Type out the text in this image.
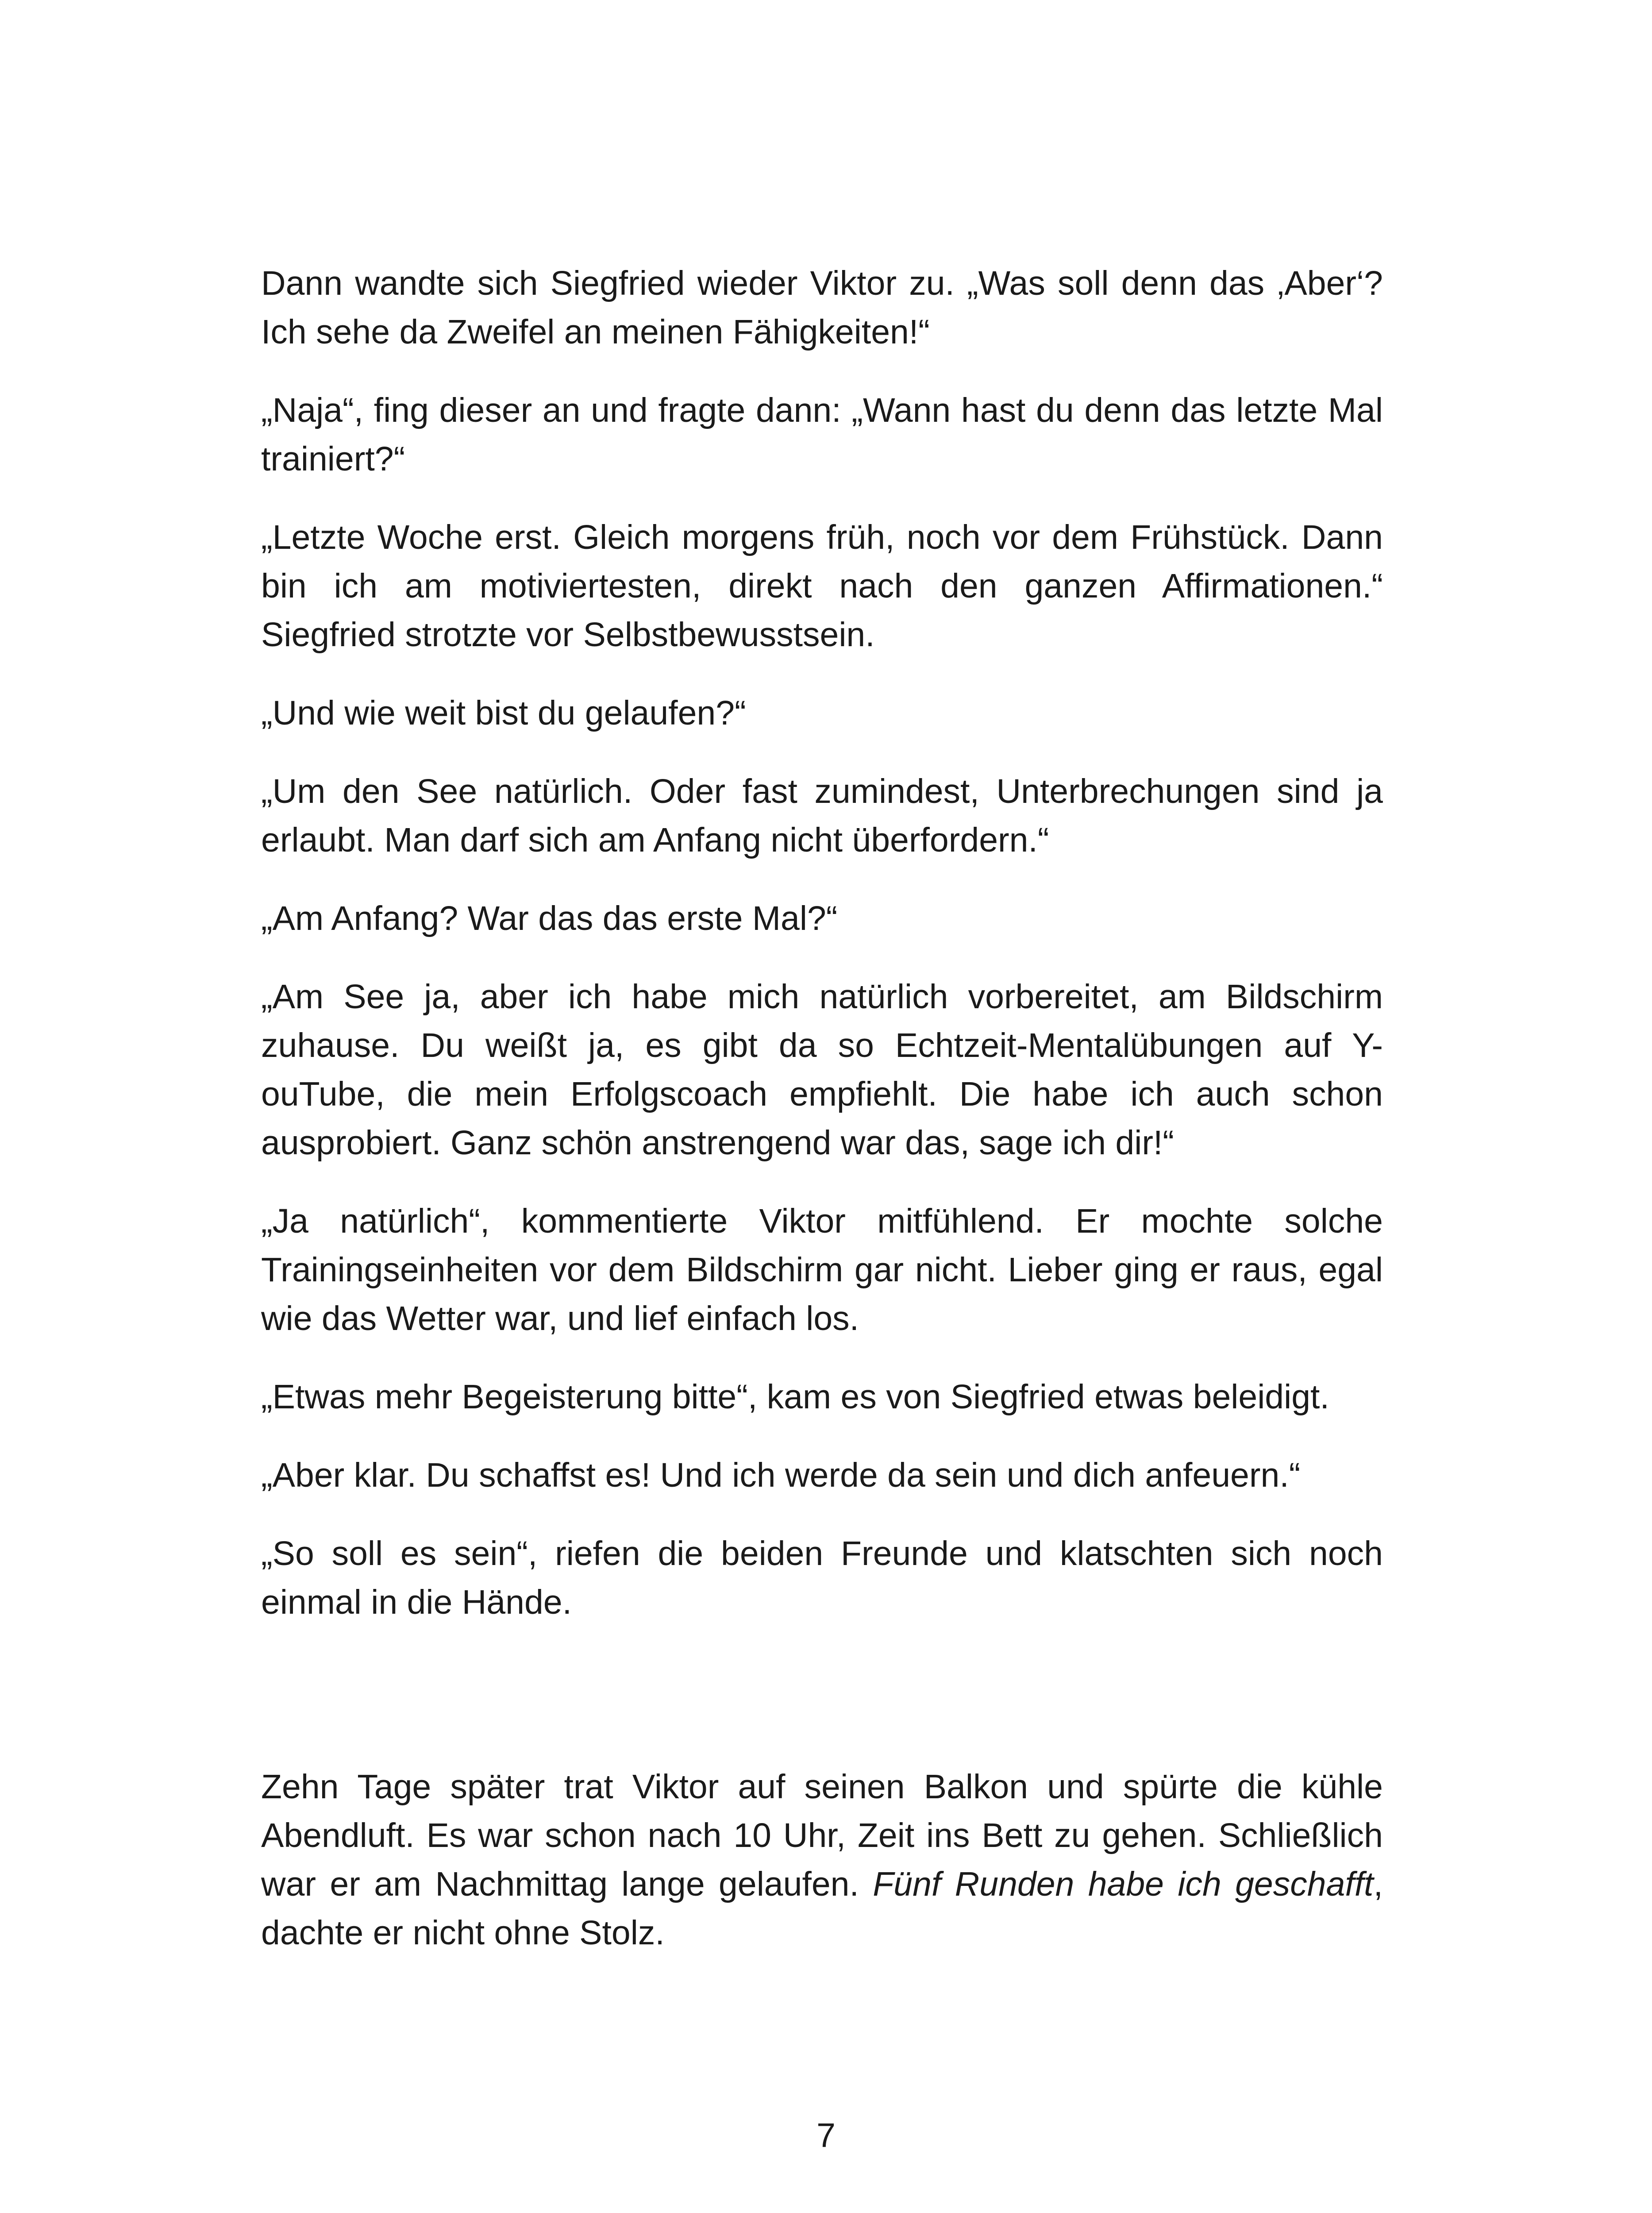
Dann wandte sich Siegfried wieder Viktor zu. „Was soll denn das ‚Aber‘? Ich sehe da Zweifel an meinen Fähigkeiten!“

„Naja“, fing dieser an und fragte dann: „Wann hast du denn das letzte Mal trainiert?“

„Letzte Woche erst. Gleich morgens früh, noch vor dem Frühstück. Dann bin ich am motiviertesten, direkt nach den ganzen Affirmationen.“ Siegfried strotzte vor Selbstbewusstsein.

„Und wie weit bist du gelaufen?“

„Um den See natürlich. Oder fast zumindest, Unterbrechungen sind ja erlaubt. Man darf sich am Anfang nicht überfordern.“

„Am Anfang? War das das erste Mal?“

„Am See ja, aber ich habe mich natürlich vorbereitet, am Bildschirm zuhause. Du weißt ja, es gibt da so Echtzeit-Mentalübungen auf Y-ouTube, die mein Erfolgscoach empfiehlt. Die habe ich auch schon ausprobiert. Ganz schön anstrengend war das, sage ich dir!“

„Ja natürlich“, kommentierte Viktor mitfühlend. Er mochte solche Trainingseinheiten vor dem Bildschirm gar nicht. Lieber ging er raus, egal wie das Wetter war, und lief einfach los.

„Etwas mehr Begeisterung bitte“, kam es von Siegfried etwas beleidigt.

„Aber klar. Du schaffst es! Und ich werde da sein und dich anfeuern.“

„So soll es sein“, riefen die beiden Freunde und klatschten sich noch einmal in die Hände.

Zehn Tage später trat Viktor auf seinen Balkon und spürte die kühle Abendluft. Es war schon nach 10 Uhr, Zeit ins Bett zu gehen. Schließlich war er am Nachmittag lange gelaufen. Fünf Runden habe ich geschafft, dachte er nicht ohne Stolz.

7
